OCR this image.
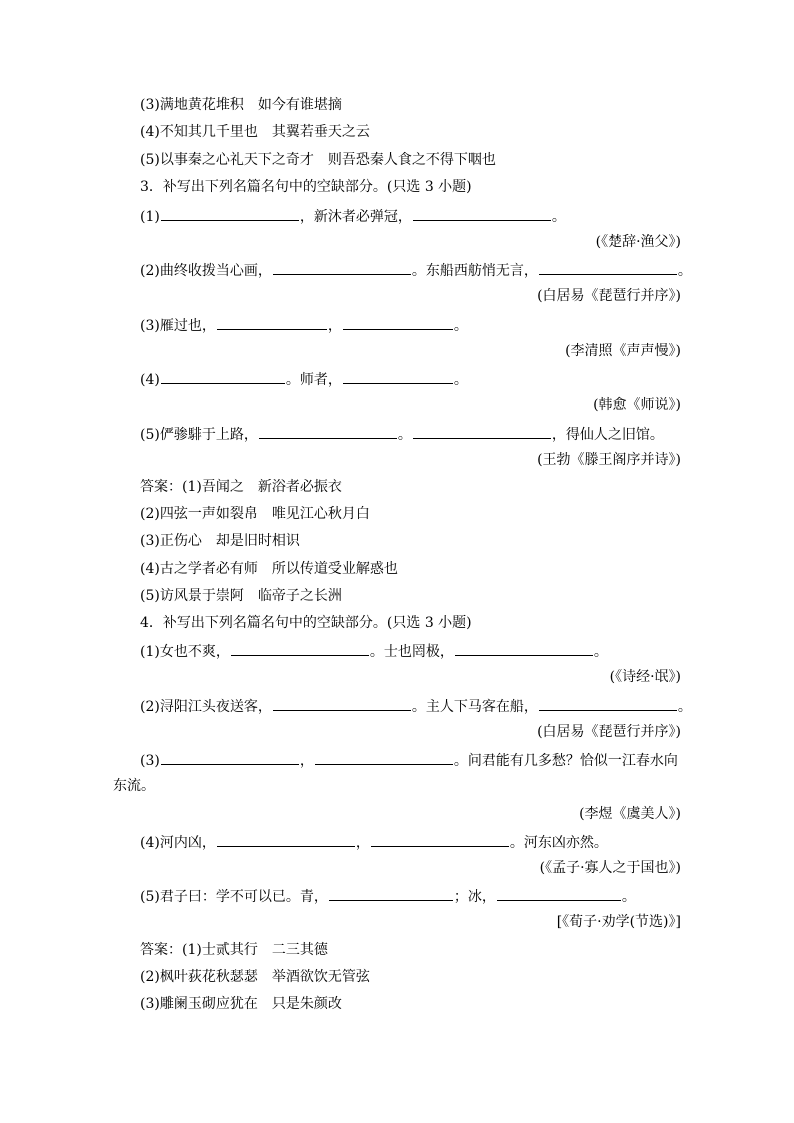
(3)满地黄花堆积　如今有谁堪摘
(4)不知其几千里也　其翼若垂天之云
(5)以事秦之心礼天下之奇才　则吾恐秦人食之不得下咽也
3．补写出下列名篇名句中的空缺部分。(只选 3 小题)
(1)	，新沐者必弹冠，	。
(《楚辞·渔父》)
(2)曲终收拨当心画，	。东船西舫悄无言，	。
(白居易《琵琶行并序》)
(3)雁过也，	，	。
(李清照《声声慢》)
(4)	。师者，	。
(韩愈《师说》)
(5)俨骖騑于上路，	。	，得仙人之旧馆。
(王勃《滕王阁序并诗》)
答案：(1)吾闻之　新浴者必振衣
(2)四弦一声如裂帛　唯见江心秋月白
(3)正伤心　却是旧时相识
(4)古之学者必有师　所以传道受业解惑也
(5)访风景于崇阿　临帝子之长洲
4．补写出下列名篇名句中的空缺部分。(只选 3 小题)
(1)女也不爽，	。士也罔极，	。
(《诗经·氓》)
(2)浔阳江头夜送客，	。主人下马客在船，	。
(白居易《琵琶行并序》)
(3)	，	。问君能有几多愁？恰似一江春水向
东流。
(李煜《虞美人》)
(4)河内凶，	，	。河东凶亦然。
(《孟子·寡人之于国也》)
(5)君子曰：学不可以已。青，	；冰，	。
[《荀子·劝学(节选)》]
答案：(1)士贰其行　二三其德
(2)枫叶荻花秋瑟瑟　举酒欲饮无管弦
(3)雕阑玉砌应犹在　只是朱颜改
